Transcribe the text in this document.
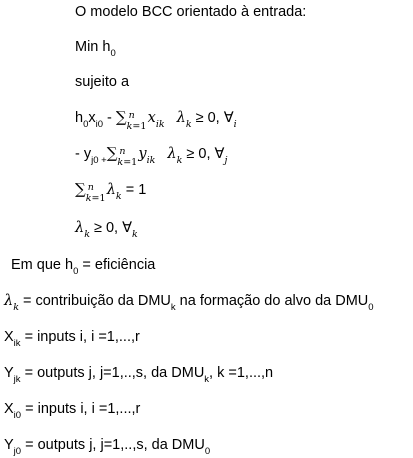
O modelo BCC orientado à entrada:
Min $h_0$
sujeito a
$h_0x_{i0}$ - ∑ n
k=1
$x_{ik}$ $\lambda_k \ge 0$, $\forall_i$
- $y_{j0 +}\sum$ n
k=1
$y_{ik}$ $\lambda_k \ge 0$, $\forall_j$
∑ n
k=1
$\lambda_k = 1$
$\lambda_k \ge 0$, $\forall_k$
Em que $h_0$ = eficiência
$\lambda_k$ = contribuição da $DMU_k$ na formação do alvo da $DMU_0$
$X_{ik}$ = inputs i, i =1,...,r
$Y_{jk}$ = outputs j, j=1,..,s, da $DMU_k$, k =1,...,n
$X_{i0}$ = inputs i, i =1,...,r
$Y_{j0}$ = outputs j, j=1,..,s, da $DMU_0$
